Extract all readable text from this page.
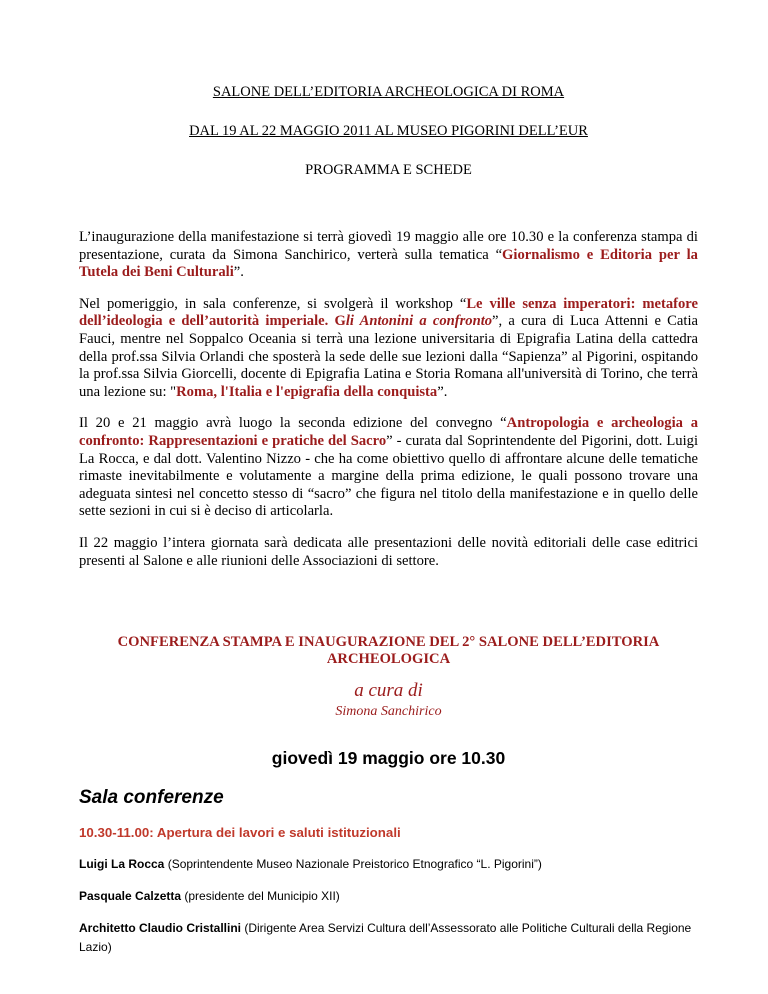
SALONE DELL’EDITORIA ARCHEOLOGICA DI ROMA
DAL 19 AL 22 MAGGIO 2011 AL MUSEO PIGORINI DELL’EUR
PROGRAMMA E SCHEDE

L’inaugurazione della manifestazione si terrà giovedì 19 maggio alle ore 10.30 e la conferenza stampa di presentazione, curata da Simona Sanchirico, verterà sulla tematica “Giornalismo e Editoria per la Tutela dei Beni Culturali”.

Nel pomeriggio, in sala conferenze, si svolgerà il workshop “Le ville senza imperatori: metafore dell’ideologia e dell’autorità imperiale. Gli Antonini a confronto”, a cura di Luca Attenni e Catia Fauci, mentre nel Soppalco Oceania si terrà una lezione universitaria di Epigrafia Latina della cattedra della prof.ssa Silvia Orlandi che sposterà la sede delle sue lezioni dalla “Sapienza” al Pigorini, ospitando la prof.ssa Silvia Giorcelli, docente di Epigrafia Latina e Storia Romana all'università di Torino, che terrà una lezione su: "Roma, l'Italia e l'epigrafia della conquista”.

Il 20 e 21 maggio avrà luogo la seconda edizione del convegno “Antropologia e archeologia a confronto: Rappresentazioni e pratiche del Sacro” - curata dal Soprintendente del Pigorini, dott. Luigi La Rocca, e dal dott. Valentino Nizzo - che ha come obiettivo quello di affrontare alcune delle tematiche rimaste inevitabilmente e volutamente a margine della prima edizione, le quali possono trovare una adeguata sintesi nel concetto stesso di “sacro” che figura nel titolo della manifestazione e in quello delle sette sezioni in cui si è deciso di articolarla.

Il 22 maggio l’intera giornata sarà dedicata alle presentazioni delle novità editoriali delle case editrici presenti al Salone e alle riunioni delle Associazioni di settore.

CONFERENZA STAMPA E INAUGURAZIONE DEL 2° SALONE DELL’EDITORIA ARCHEOLOGICA
a cura di
Simona Sanchirico
giovedì 19 maggio ore 10.30
Sala conferenze
10.30-11.00: Apertura dei lavori e saluti istituzionali

Luigi La Rocca (Soprintendente Museo Nazionale Preistorico Etnografico “L. Pigorini”)

Pasquale Calzetta (presidente del Municipio XII)

Architetto Claudio Cristallini (Dirigente Area Servizi Cultura dell’Assessorato alle Politiche Culturali della Regione Lazio)
